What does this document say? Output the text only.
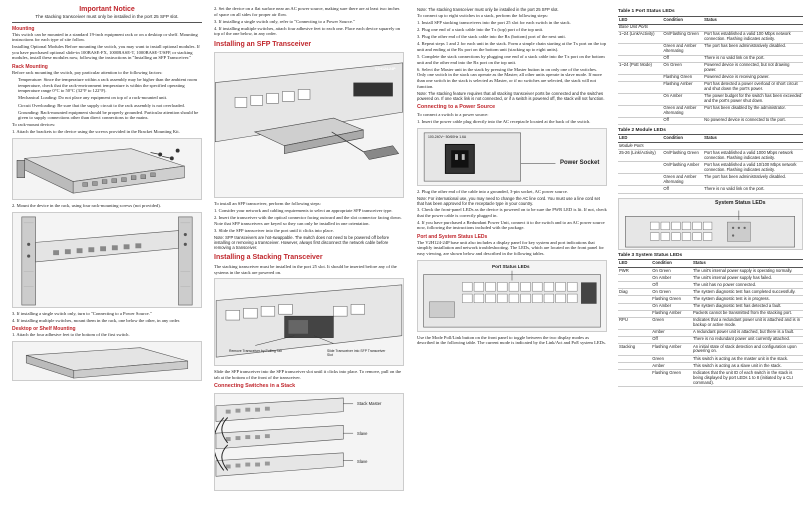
Important Notice
The stacking transceiver must only be installed in the port 25 SFP slot.
Mounting

This switch can be mounted in a standard 19-inch equipment rack or on a desktop or shelf. Mounting instructions for each type of site follow.

Installing Optional Modules Before mounting the switch, you may want to install optional modules. If you have purchased optional slide-in 100BASE-FX, 1000BASE-T, 1000BASE-T/SFP, or stacking modules, install these modules now, following the instructions in "Installing an SFP Transceiver."

Rack Mounting

Before rack mounting the switch, pay particular attention to the following factors:

Temperature: Since the temperature within a rack assembly may be higher than the ambient room temperature, check that the rack-environment temperature is within the specified operating temperature range 0°C to 50°C (32°F to 122°F).

Mechanical Loading: Do not place any equipment on top of a rack-mounted unit.

Circuit Overloading: Be sure that the supply circuit to the rack assembly is not overloaded.

Grounding: Rack-mounted equipment should be properly grounded. Particular attention should be given to supply connections other than direct connections to the mains.

To rack-mount devices:

1. Attach the brackets to the device using the screws provided in the Bracket Mounting Kit.

2. Mount the device in the rack, using four rack-mounting screws (not provided).

3. If installing a single switch only, turn to "Connecting to a Power Source."

4. If installing multiple switches, mount them in the rack, one below the other, in any order.

Desktop or Shelf Mounting

1. Attach the four adhesive feet to the bottom of the first switch.

2. Set the device on a flat surface near an AC power source, making sure there are at least two inches of space on all sides for proper air flow.

3. If installing a single switch only, refer to "Connecting to a Power Source."

4. If installing multiple switches, attach four adhesive feet to each one. Place each device squarely on top of the one below, in any order.

Installing an SFP Transceiver
V2H124-24P

To install an SFP transceiver, perform the following steps:

1. Consider your network and cabling requirements to select an appropriate SFP transceiver type.

2. Insert the transceiver with the optical connector facing outward and the slot connector facing down. Note that SFP transceivers are keyed so they can only be installed in one orientation.

3. Slide the SFP transceiver into the port until it clicks into place.

Note: SFP transceivers are hot-swappable. The switch does not need to be powered off before installing or removing a transceiver. However, always first disconnect the network cable before removing a transceiver.
Installing a Stacking Transceiver

The stacking transceiver must be installed in the port 25 slot. It should be inserted before any of the systems in the stack are powered on.

Remove Transceiver by Pulling Tab	Slide Transceiver into SFP Transceiver Slot

Slide the SFP transceiver into the SFP transceiver slot until it clicks into place. To remove, pull on the tab at the bottom of the front of the transceiver.

Connecting Switches in a Stack
Stack Master
Slave
Slave
Note: The stacking transceiver must only be installed in the port 25 SFP slot.

To connect up to eight switches in a stack, perform the following steps:

1. Install SFP stacking transceivers into the port 25 slot for each switch in the stack.

2. Plug one end of a stack cable into the Tx (top) port of the top unit.

3. Plug the other end of the stack cable into the Rx (bottom) port of the next unit.

4. Repeat steps 1 and 2 for each unit in the stack. Form a simple chain starting at the Tx port on the top unit and ending at the Rx port on the bottom unit (stacking up to eight units).

5. Complete the stack connections by plugging one end of a stack cable into the Tx port on the bottom unit and the other end into the Rx port on the top unit.

6. Select the Master unit in the stack by pressing the Master button in on only one of the switches. Only one switch in the stack can operate as the Master; all other units operate in slave mode. If more than one switch in the stack is selected as Master, or if no switches are selected, the stack will not function.

Note: The stacking feature requires that all stacking transceiver ports be connected and the switches powered on. If one stack link is not connected, or if a switch is powered off, the stack will not function.
Connecting to a Power Source

To connect a switch to a power source:

1. Insert the power cable plug directly into the AC receptacle located at the back of the switch.

100-240V~ 50/60Hz 1.6A
Power Socket

2. Plug the other end of the cable into a grounded, 3-pin socket, AC power source.

Note: For international use, you may need to change the AC line cord. You must use a line cord set that has been approved for the receptacle type in your country.

3. Check the front-panel LEDs as the device is powered on to be sure the PWR LED is lit. If not, check that the power cable is correctly plugged in.

4. If you have purchased a Redundant Power Unit, connect it to the switch and to an AC power source now, following the instructions included with the package.

Port and System Status LEDs

The V2H124-24P base unit also includes a display panel for key system and port indications that simplify installation and network troubleshooting. The LEDs, which are located on the front panel for easy viewing, are shown below and described in the following tables.

Port Status LEDs

Use the Mode Poll/Link button on the front panel to toggle between the two display modes as described in the following table. The current mode is indicated by the Link/Act and PoE system LEDs.

Table 1 Port Status LEDs
LED	Condition	Status
Base Unit Ports		
1~24 (Link/Activity)	On/Flashing Green	Port has established a valid 100 Mbps network connection. Flashing indicates activity.
	Green and Amber Alternating	The port has been administratively disabled.
	Off	There is no valid link on the port.
1~24 (PoE Mode)	On Green	Powered device is connected, but not drawing power.
	Flashing Green	Powered device is receiving power.
	Flashing Amber	Port has detected a power overload or short circuit and shut down the port's power.
	On Amber	The power budget for the switch has been exceeded and the port's power shut down.
	Green and Amber Alternating	Port has been disabled by the administrator.
	Off	No powered device is connected to the port.
Table 2 Module LEDs
LED	Condition	Status
Module Ports		
25-26 (Link/Activity)	On/Flashing Green	Port has established a valid 1000 Mbps network connection. Flashing indicates activity.
	On/Flashing Amber	Port has established a valid 10/100 Mbps network connection. Flashing indicates activity.
	Green and Amber Alternating	The port has been administratively disabled.
	Off	There is no valid link on the port.
System Status LEDs
Table 3 System Status LEDs
LED	Condition	Status
PWR	On Green	The unit's internal power supply is operating normally.
	On Amber	The unit's internal power supply has failed.
	Off	The unit has no power connected.
Diag	On Green	The system diagnostic test has completed successfully.
	Flashing Green	The system diagnostic test is in progress.
	On Amber	The system diagnostic test has detected a fault.
	Flashing Amber	Packets cannot be transmitted from the stacking port.
RPU	Green	Indicates that a redundant power unit is attached and is in backup or active mode.
	Amber	A redundant power unit is attached, but there is a fault.
	Off	There is no redundant power unit currently attached.
Stacking	Flashing Amber	An initial state of stack detection and configuration upon powering on.
	Green	This switch is acting as the master unit in the stack.
	Amber	This switch is acting as a slave unit in the stack.
	Flashing Green	Indicates that the unit ID of each switch in the stack is being displayed by port LEDs 1 to 8 (initiated by a CLI command).
